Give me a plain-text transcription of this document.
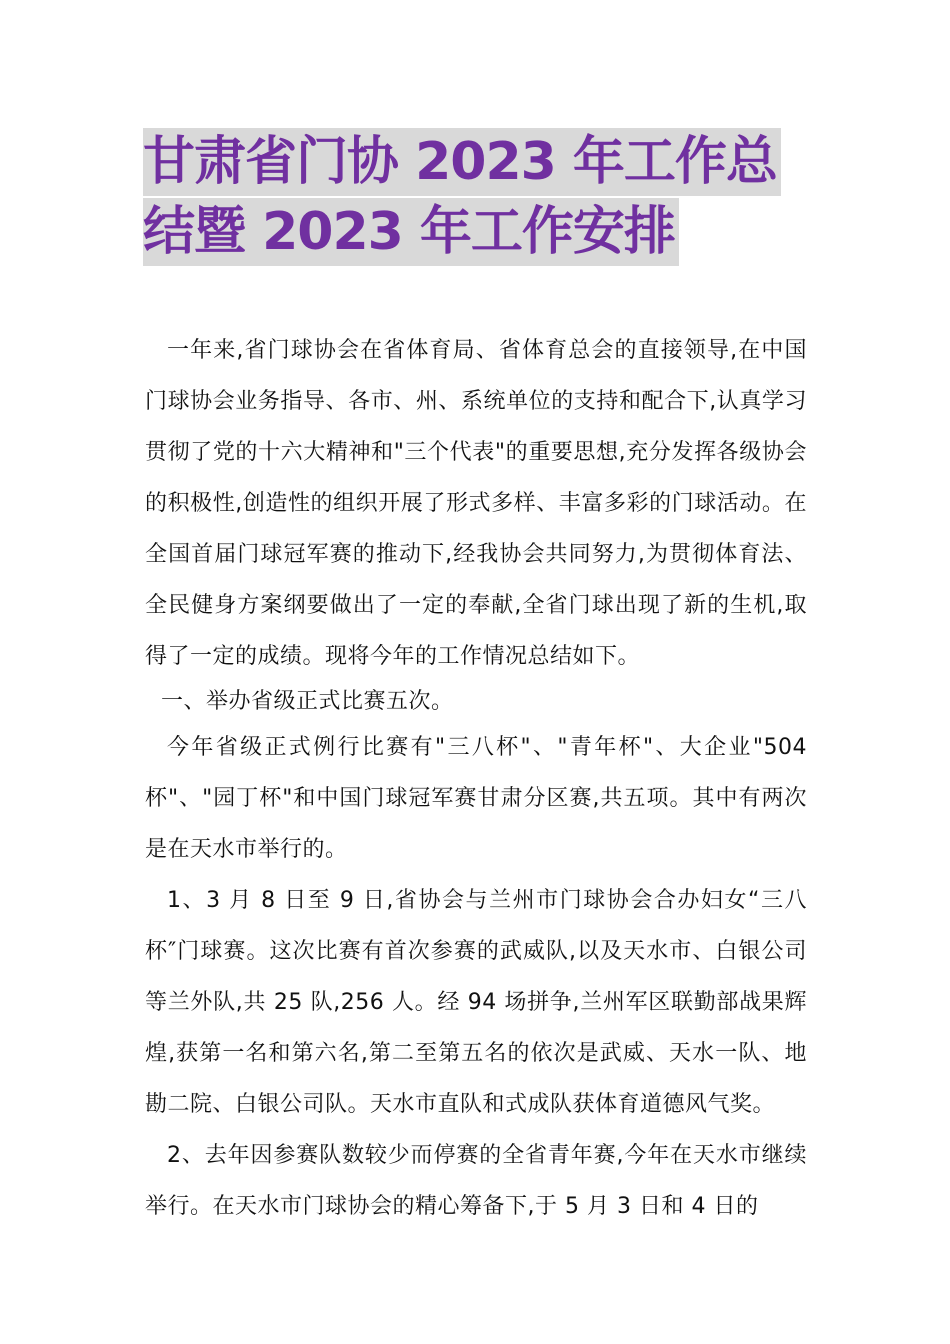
甘肃省门协 2023 年工作总
结暨 2023 年工作安排

一年来,省门球协会在省体育局、省体育总会的直接领导,在中国门球协会业务指导、各市、州、系统单位的支持和配合下,认真学习贯彻了党的十六大精神和"三个代表"的重要思想,充分发挥各级协会的积极性,创造性的组织开展了形式多样、丰富多彩的门球活动。在全国首届门球冠军赛的推动下,经我协会共同努力,为贯彻体育法、全民健身方案纲要做出了一定的奉献,全省门球出现了新的生机,取得了一定的成绩。现将今年的工作情况总结如下。

一、举办省级正式比赛五次。

今年省级正式例行比赛有"三八杯"、"青年杯"、大企业"504杯"、"园丁杯"和中国门球冠军赛甘肃分区赛,共五项。其中有两次是在天水市举行的。

1、3 月 8 日至 9 日,省协会与兰州市门球协会合办妇女“三八杯″门球赛。这次比赛有首次参赛的武威队,以及天水市、白银公司等兰外队,共 25 队,256 人。经 94 场拼争,兰州军区联勤部战果辉煌,获第一名和第六名,第二至第五名的依次是武威、天水一队、地勘二院、白银公司队。天水市直队和式成队获体育道德风气奖。

2、去年因参赛队数较少而停赛的全省青年赛,今年在天水市继续举行。在天水市门球协会的精心筹备下,于 5 月 3 日和 4 日的
